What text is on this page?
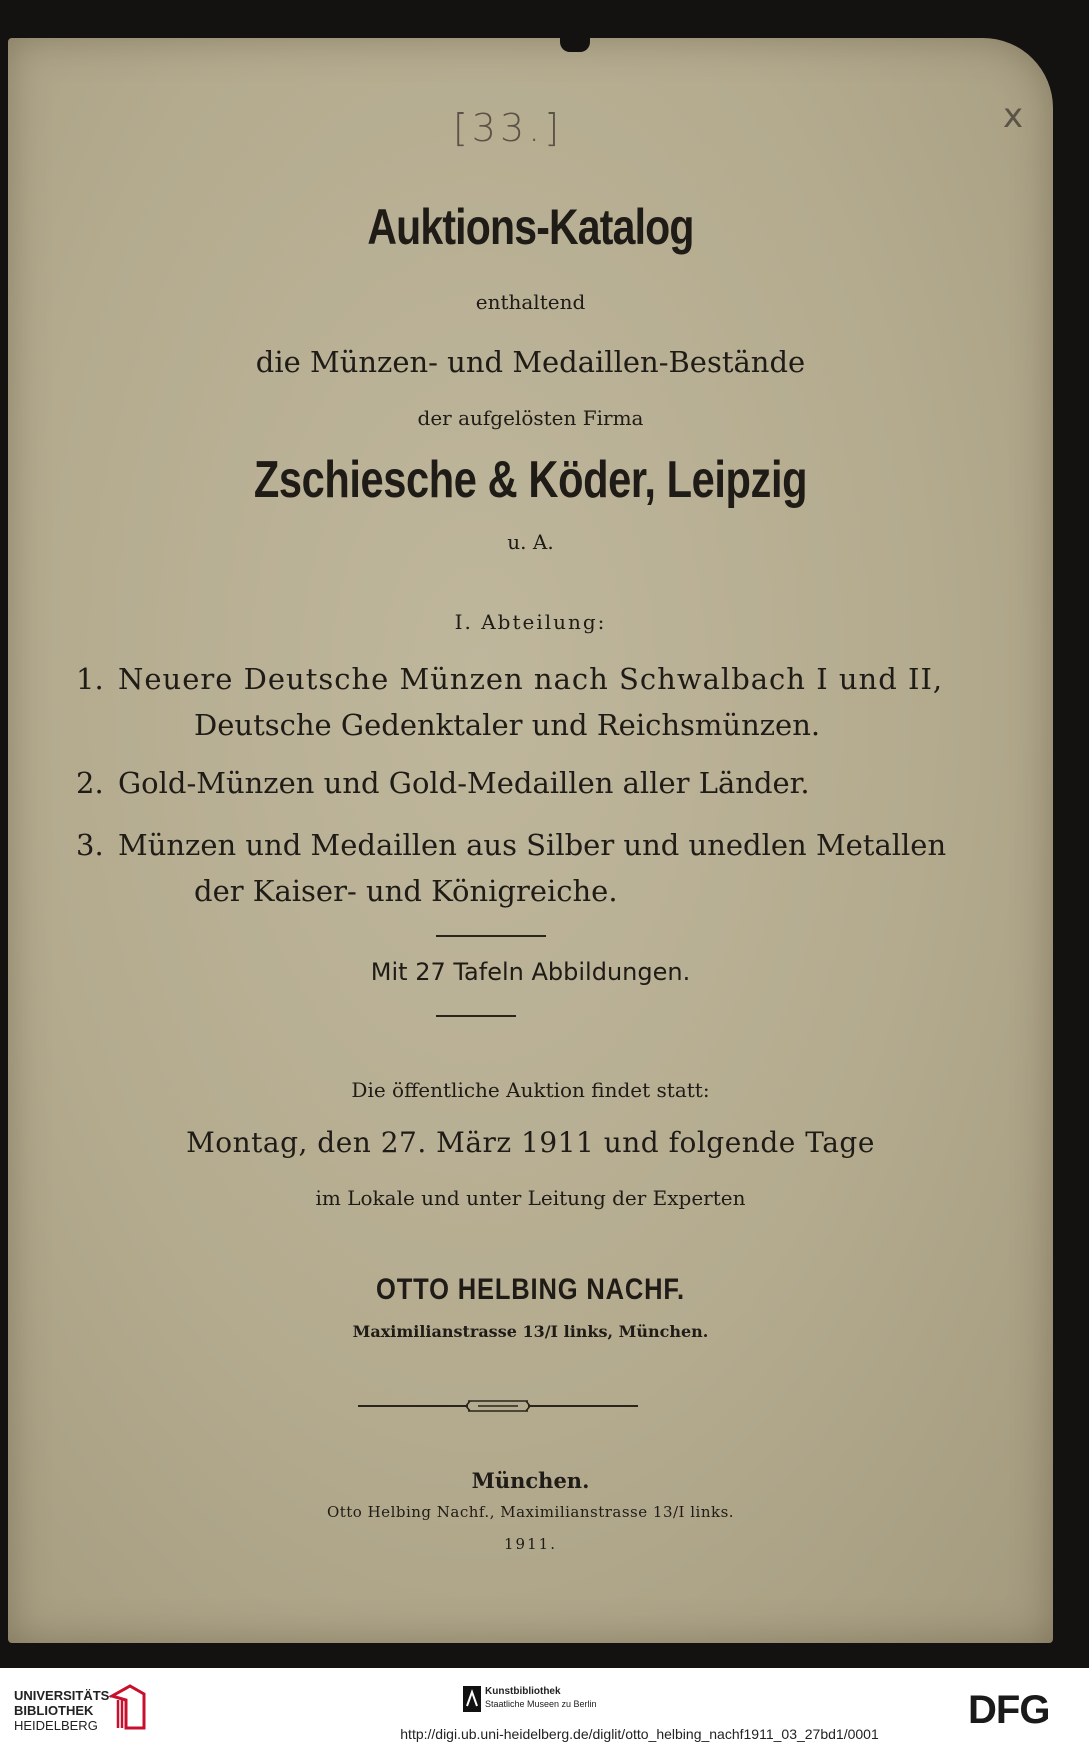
[33.]	x
Auktions-Katalog
enthaltend
die Münzen- und Medaillen-Bestände
der aufgelösten Firma
Zschiesche & Köder, Leipzig
u. A.
I. Abteilung:
1. Neuere Deutsche Münzen nach Schwalbach I und II,
Deutsche Gedenktaler und Reichsmünzen.
2. Gold-Münzen und Gold-Medaillen aller Länder.
3. Münzen und Medaillen aus Silber und unedlen Metallen
der Kaiser- und Königreiche.
Mit 27 Tafeln Abbildungen.
Die öffentliche Auktion findet statt:
Montag, den 27. März 1911 und folgende Tage
im Lokale und unter Leitung der Experten
OTTO HELBING NACHF.
Maximilianstrasse 13/I links, München.
München.
Otto Helbing Nachf., Maximilianstrasse 13/I links.
1911.
UNIVERSITÄTS-
BIBLIOTHEK
HEIDELBERG
Kunstbibliothek
Staatliche Museen zu Berlin	DFG
http://digi.ub.uni-heidelberg.de/diglit/otto_helbing_nachf1911_03_27bd1/0001
